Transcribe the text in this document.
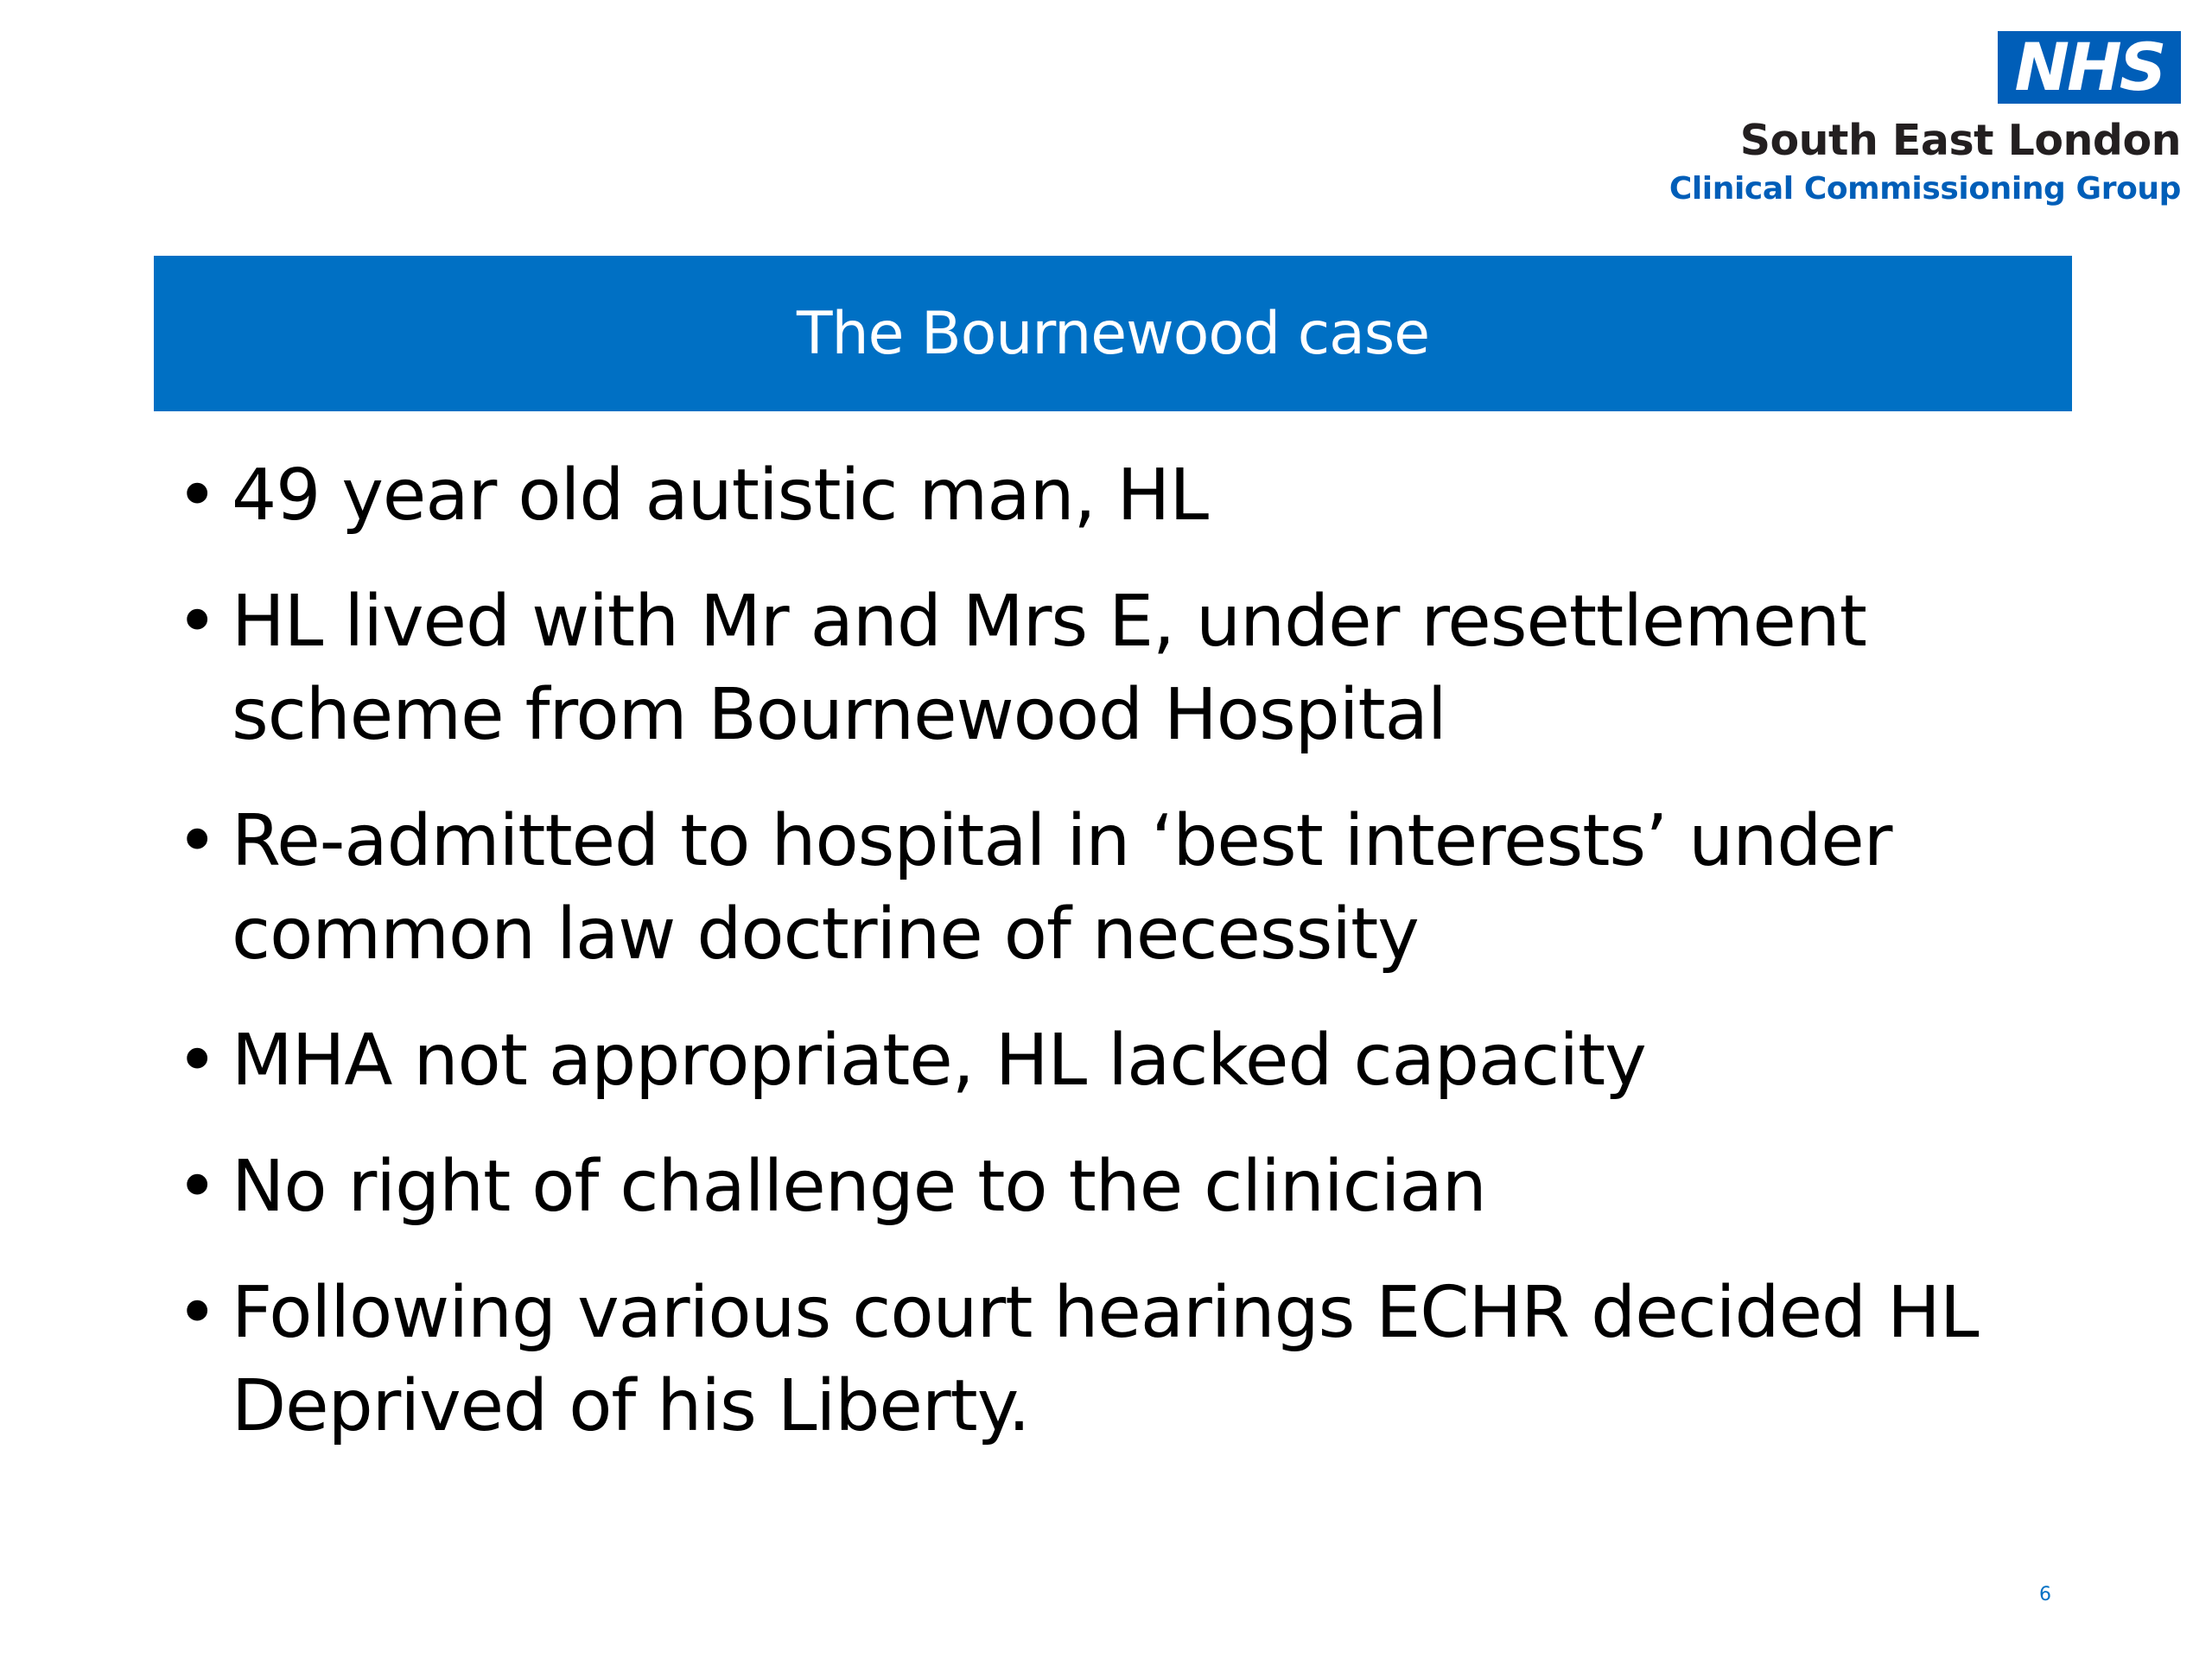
NHS
South East London
Clinical Commissioning Group
The Bournewood case
• 49 year old autistic man, HL
• HL lived with Mr and Mrs E, under resettlement scheme from Bournewood Hospital
• Re-admitted to hospital in ‘best interests’ under common law doctrine of necessity
• MHA not appropriate, HL lacked capacity
• No right of challenge to the clinician
• Following various court hearings ECHR decided HL Deprived of his Liberty.
6
